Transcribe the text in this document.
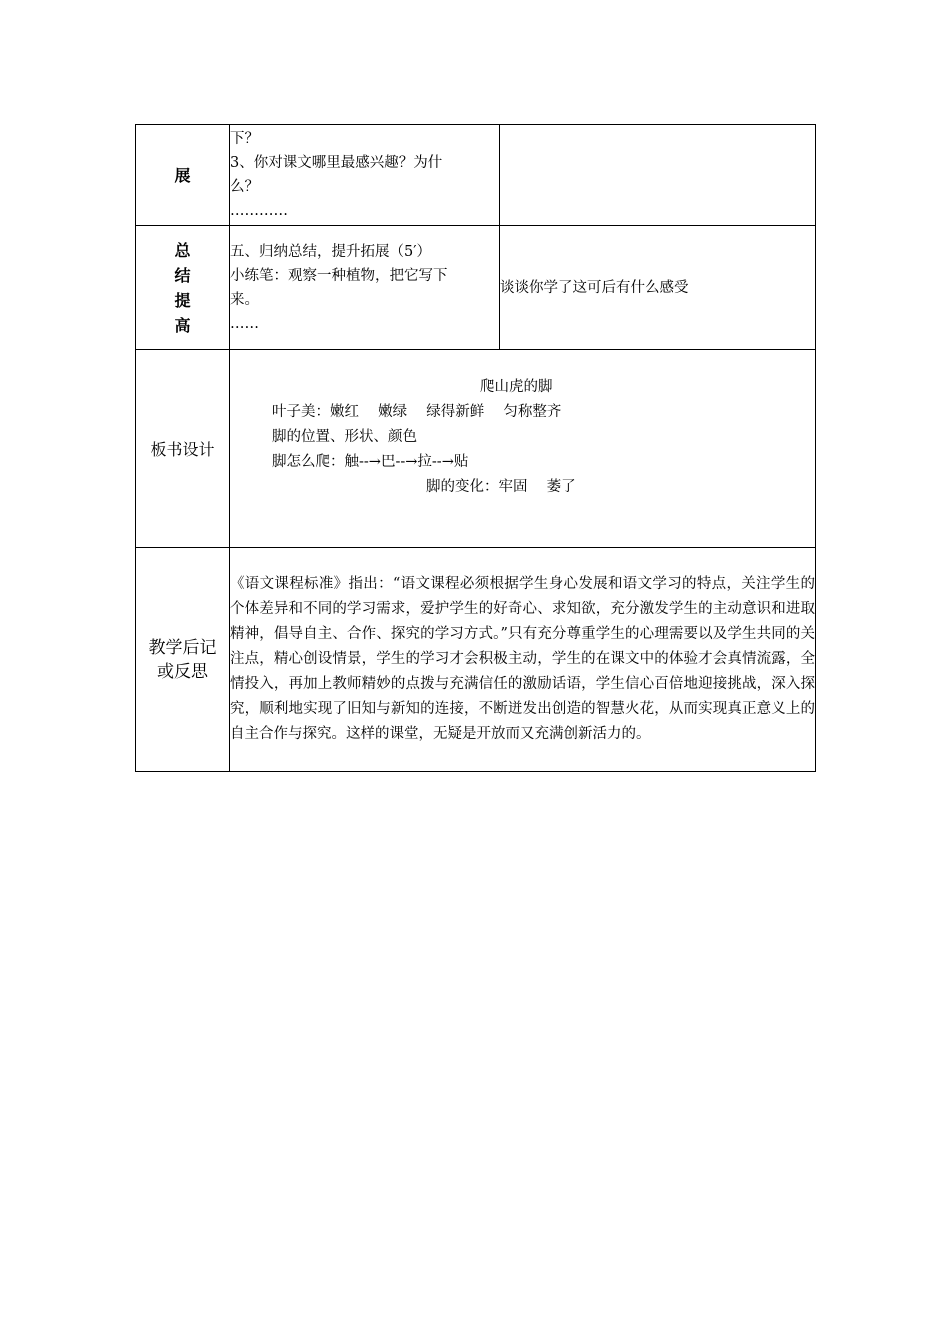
展	下？
3、你对课文哪里最感兴趣？为什
么？
…………	

总
结
提
高	五、归纳总结，提升拓展（5′）
小练笔：观察一种植物，把它写下
来。
……	谈谈你学了这可后有什么感受
板书设计	爬山虎的脚
叶子美：嫩红　 嫩绿　 绿得新鲜　 匀称整齐
脚的位置、形状、颜色
脚怎么爬：触--→巴--→拉--→贴
脚的变化：牢固　 萎了	

教学后记
或反思	《语文课程标准》指出：“语文课程必须根据学生身心发展和语文学习的特点，关注学生的个体差异和不同的学习需求，爱护学生的好奇心、求知欲，充分激发学生的主动意识和进取精神，倡导自主、合作、探究的学习方式。”只有充分尊重学生的心理需要以及学生共同的关注点，精心创设情景，学生的学习才会积极主动，学生的在课文中的体验才会真情流露，全情投入，再加上教师精妙的点拨与充满信任的激励话语，学生信心百倍地迎接挑战，深入探究，顺利地实现了旧知与新知的连接，不断迸发出创造的智慧火花，从而实现真正意义上的自主合作与探究。这样的课堂，无疑是开放而又充满创新活力的。	
